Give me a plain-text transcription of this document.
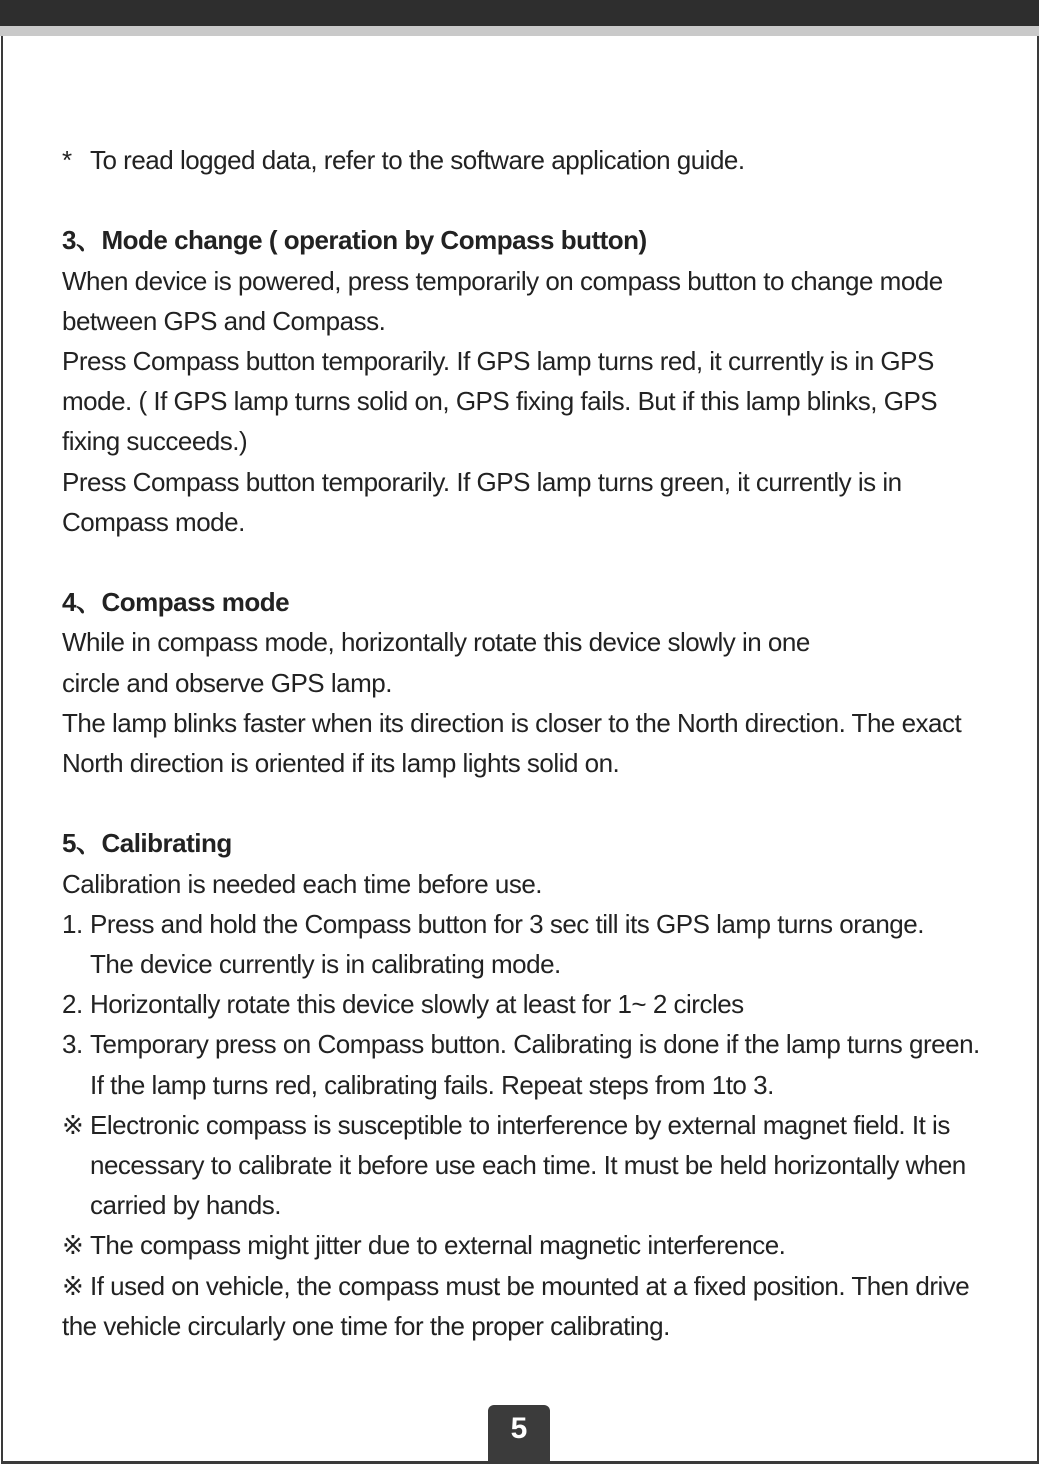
* To read logged data, refer to the software application guide.

3、Mode change ( operation by Compass button)

When device is powered, press temporarily on compass button to change mode

between GPS and Compass.

Press Compass button temporarily. If GPS lamp turns red, it currently is in GPS

mode. ( If GPS lamp turns solid on, GPS fixing fails. But if this lamp blinks, GPS

fixing succeeds.)

Press Compass button temporarily. If GPS lamp turns green, it currently is in

Compass mode.

4、Compass mode

While in compass mode, horizontally rotate this device slowly in one

circle and observe GPS lamp.

The lamp blinks faster when its direction is closer to the North direction. The exact

North direction is oriented if its lamp lights solid on.

5、Calibrating

Calibration is needed each time before use.

1. Press and hold the Compass button for 3 sec till its GPS lamp turns orange.

The device currently is in calibrating mode.

2. Horizontally rotate this device slowly at least for 1~ 2 circles

3. Temporary press on Compass button. Calibrating is done if the lamp turns green.

If the lamp turns red, calibrating fails. Repeat steps from 1to 3.

※ Electronic compass is susceptible to interference by external magnet field. It is

necessary to calibrate it before use each time. It must be held horizontally when

carried by hands.

※ The compass might jitter due to external magnetic interference.

※ If used on vehicle, the compass must be mounted at a fixed position. Then drive

the vehicle circularly one time for the proper calibrating.

5
